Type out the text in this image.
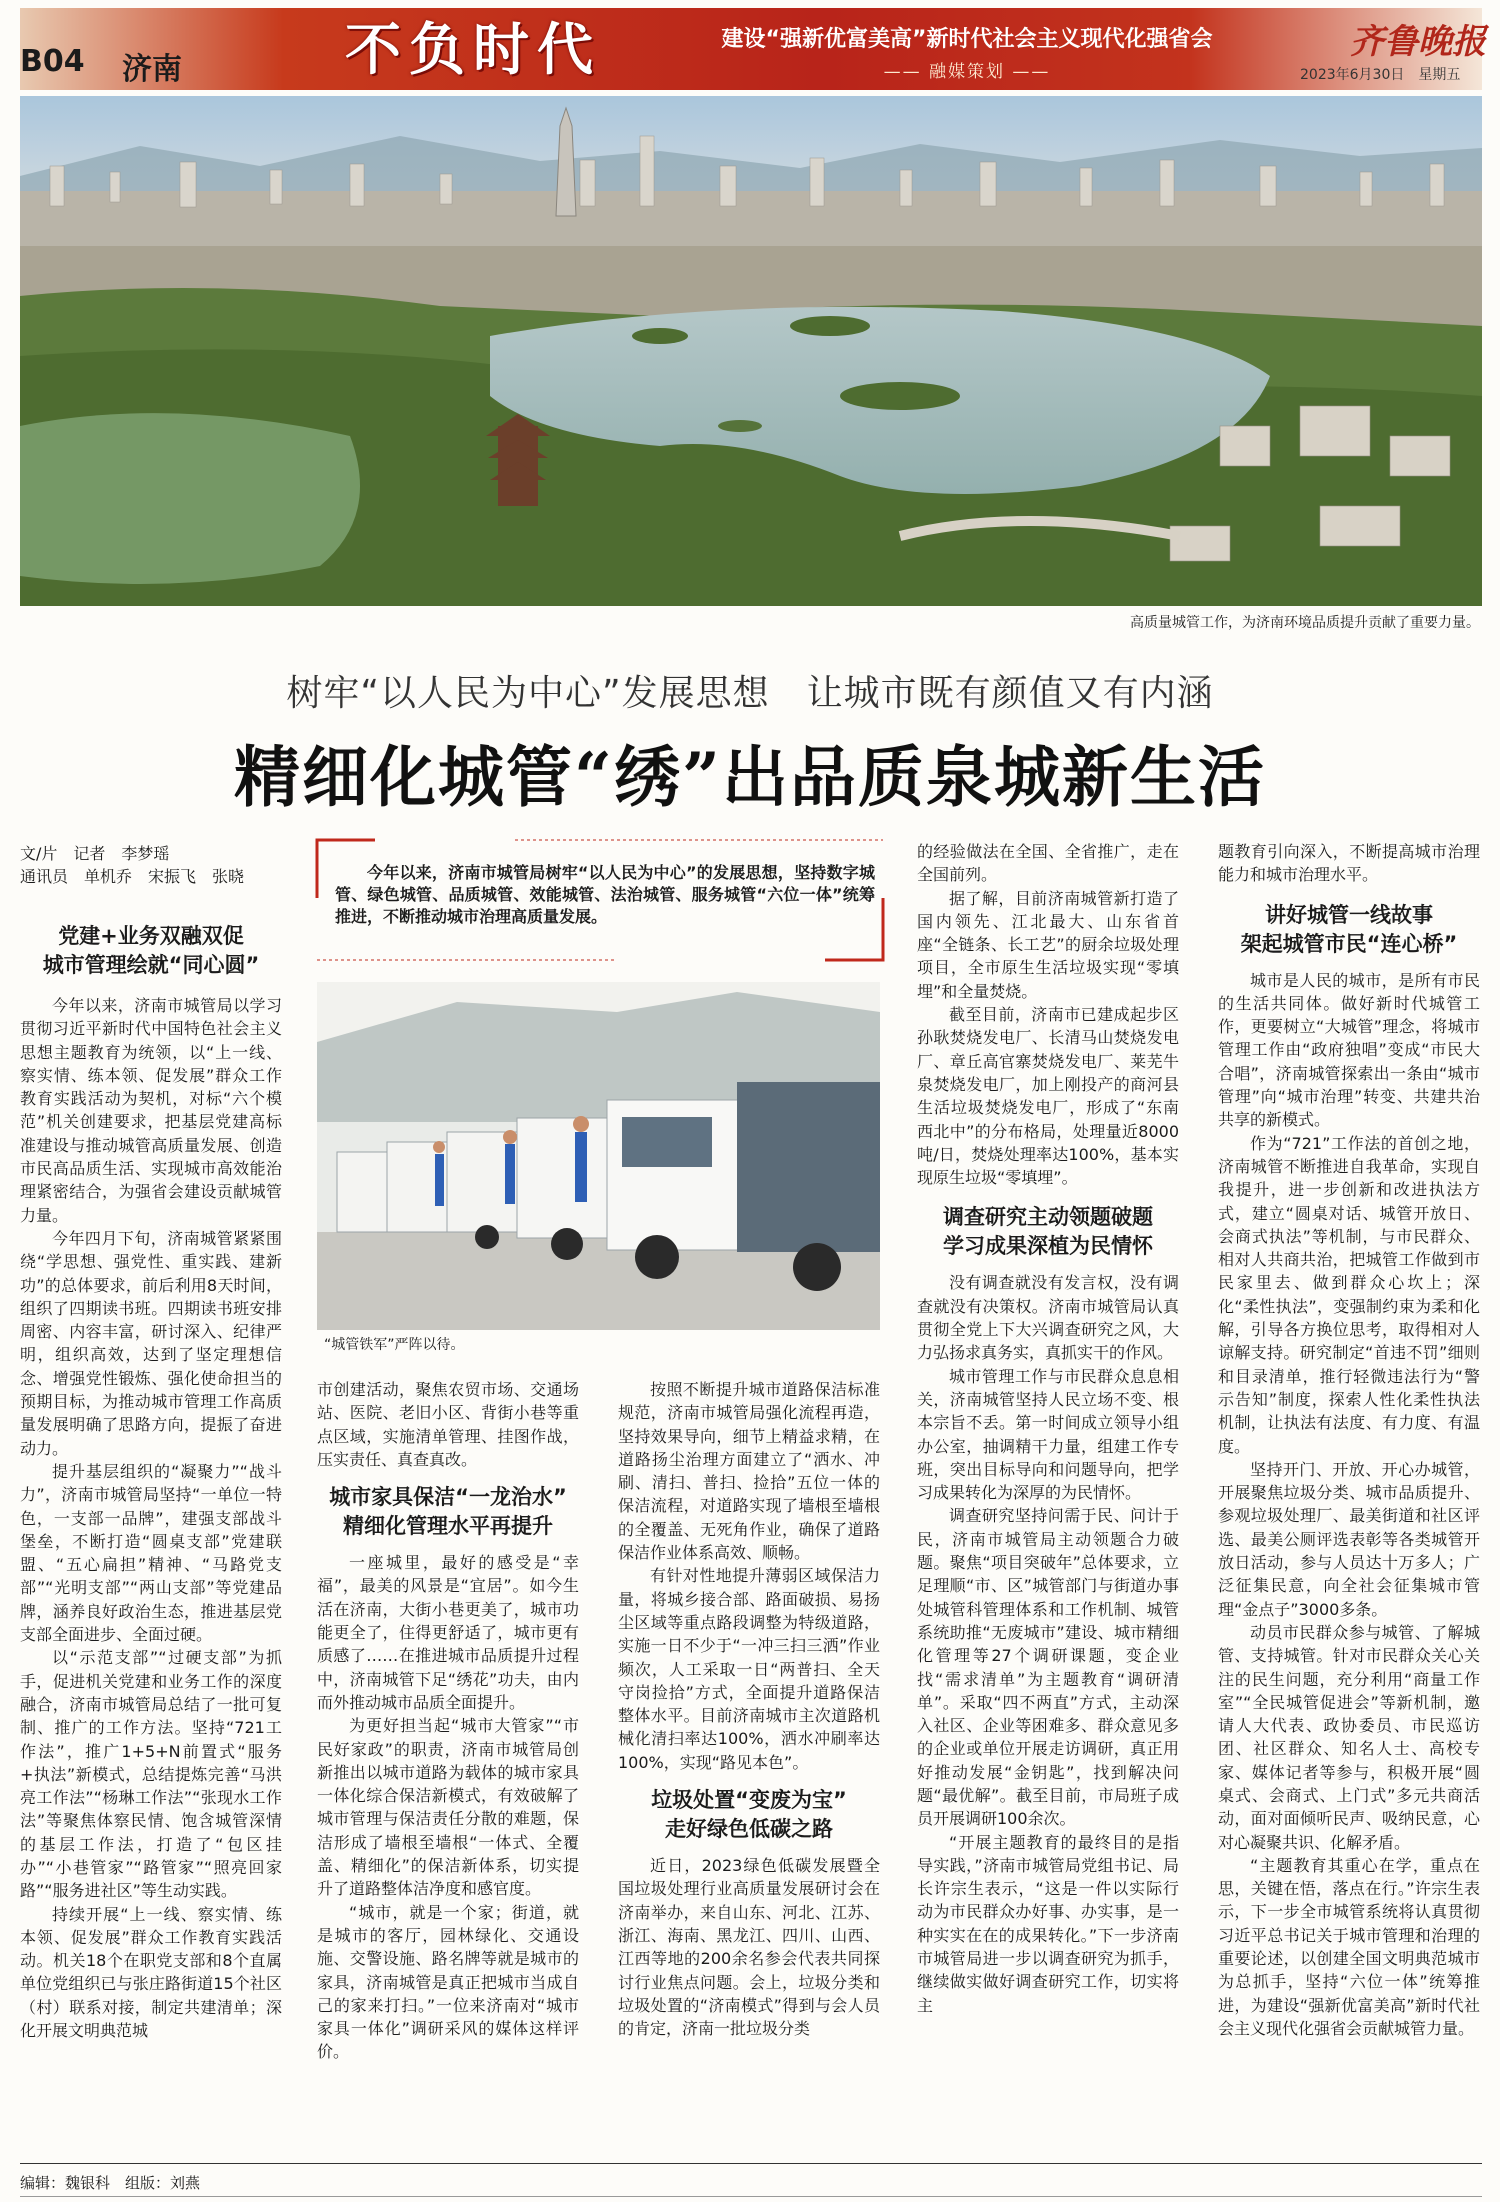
B04 济南	不负时代	建设“强新优富美高”新时代社会主义现代化强省会
—— 融媒策划 ——
齐鲁晚报
2023年6月30日　星期五
高质量城管工作，为济南环境品质提升贡献了重要力量。
树牢“以人民为中心”发展思想　让城市既有颜值又有内涵
精细化城管“绣”出品质泉城新生活
文/片　记者　李梦瑶
通讯员　单机乔　宋振飞　张晓	今年以来，济南市城管局树牢“以人民为中心”的发展思想，坚持数字城管、绿色城管、品质城管、效能城管、法治城管、服务城管“六位一体”统筹推进，不断推动城市治理高质量发展。
“城管铁军”严阵以待。
党建+业务双融双促
城市管理绘就“同心圆”

今年以来，济南市城管局以学习贯彻习近平新时代中国特色社会主义思想主题教育为统领，以“上一线、察实情、练本领、促发展”群众工作教育实践活动为契机，对标“六个模范”机关创建要求，把基层党建高标准建设与推动城管高质量发展、创造市民高品质生活、实现城市高效能治理紧密结合，为强省会建设贡献城管力量。

今年四月下旬，济南城管紧紧围绕“学思想、强党性、重实践、建新功”的总体要求，前后利用8天时间，组织了四期读书班。四期读书班安排周密、内容丰富，研讨深入、纪律严明，组织高效，达到了坚定理想信念、增强党性锻炼、强化使命担当的预期目标，为推动城市管理工作高质量发展明确了思路方向，提振了奋进动力。

提升基层组织的“凝聚力”“战斗力”，济南市城管局坚持“一单位一特色，一支部一品牌”，建强支部战斗堡垒，不断打造“圆桌支部”党建联盟、“五心扁担”精神、“马路党支部”“光明支部”“两山支部”等党建品牌，涵养良好政治生态，推进基层党支部全面进步、全面过硬。

以“示范支部”“过硬支部”为抓手，促进机关党建和业务工作的深度融合，济南市城管局总结了一批可复制、推广的工作方法。坚持“721工作法”，推广1+5+N前置式“服务+执法”新模式，总结提炼完善“马洪亮工作法”“杨琳工作法”“张现水工作法”等聚焦体察民情、饱含城管深情的基层工作法，打造了“包区挂办”“小巷管家”“路管家”“照亮回家路”“服务进社区”等生动实践。

持续开展“上一线、察实情、练本领、促发展”群众工作教育实践活动。机关18个在职党支部和8个直属单位党组织已与张庄路街道15个社区（村）联系对接，制定共建清单；深化开展文明典范城

市创建活动，聚焦农贸市场、交通场站、医院、老旧小区、背街小巷等重点区域，实施清单管理、挂图作战，压实责任、真查真改。

城市家具保洁“一龙治水”
精细化管理水平再提升

一座城里，最好的感受是“幸福”，最美的风景是“宜居”。如今生活在济南，大街小巷更美了，城市功能更全了，住得更舒适了，城市更有质感了……在推进城市品质提升过程中，济南城管下足“绣花”功夫，由内而外推动城市品质全面提升。

为更好担当起“城市大管家”“市民好家政”的职责，济南市城管局创新推出以城市道路为载体的城市家具一体化综合保洁新模式，有效破解了城市管理与保洁责任分散的难题，保洁形成了墙根至墙根“一体式、全覆盖、精细化”的保洁新体系，切实提升了道路整体洁净度和感官度。

“城市，就是一个家；街道，就是城市的客厅，园林绿化、交通设施、交警设施、路名牌等就是城市的家具，济南城管是真正把城市当成自己的家来打扫。”一位来济南对“城市家具一体化”调研采风的媒体这样评价。

按照不断提升城市道路保洁标准规范，济南市城管局强化流程再造，坚持效果导向，细节上精益求精，在道路扬尘治理方面建立了“洒水、冲刷、清扫、普扫、捡拾”五位一体的保洁流程，对道路实现了墙根至墙根的全覆盖、无死角作业，确保了道路保洁作业体系高效、顺畅。

有针对性地提升薄弱区域保洁力量，将城乡接合部、路面破损、易扬尘区域等重点路段调整为特级道路，实施一日不少于“一冲三扫三洒”作业频次，人工采取一日“两普扫、全天守岗捡拾”方式，全面提升道路保洁整体水平。目前济南城市主次道路机械化清扫率达100%，洒水冲刷率达100%，实现“路见本色”。

垃圾处置“变废为宝”
走好绿色低碳之路

近日，2023绿色低碳发展暨全国垃圾处理行业高质量发展研讨会在济南举办，来自山东、河北、江苏、浙江、海南、黑龙江、四川、山西、江西等地的200余名参会代表共同探讨行业焦点问题。会上，垃圾分类和垃圾处置的“济南模式”得到与会人员的肯定，济南一批垃圾分类

的经验做法在全国、全省推广，走在全国前列。

据了解，目前济南城管新打造了国内领先、江北最大、山东省首座“全链条、长工艺”的厨余垃圾处理项目，全市原生生活垃圾实现“零填埋”和全量焚烧。

截至目前，济南市已建成起步区孙耿焚烧发电厂、长清马山焚烧发电厂、章丘高官寨焚烧发电厂、莱芜牛泉焚烧发电厂，加上刚投产的商河县生活垃圾焚烧发电厂，形成了“东南西北中”的分布格局，处理量近8000吨/日，焚烧处理率达100%，基本实现原生垃圾“零填埋”。

调查研究主动领题破题
学习成果深植为民情怀

没有调查就没有发言权，没有调查就没有决策权。济南市城管局认真贯彻全党上下大兴调查研究之风，大力弘扬求真务实，真抓实干的作风。

城市管理工作与市民群众息息相关，济南城管坚持人民立场不变、根本宗旨不丢。第一时间成立领导小组办公室，抽调精干力量，组建工作专班，突出目标导向和问题导向，把学习成果转化为深厚的为民情怀。

调查研究坚持问需于民、问计于民，济南市城管局主动领题合力破题。聚焦“项目突破年”总体要求，立足理顺“市、区”城管部门与街道办事处城管科管理体系和工作机制、城管系统助推“无废城市”建设、城市精细化管理等27个调研课题，变企业找“需求清单”为主题教育“调研清单”。采取“四不两直”方式，主动深入社区、企业等困难多、群众意见多的企业或单位开展走访调研，真正用好推动发展“金钥匙”，找到解决问题“最优解”。截至目前，市局班子成员开展调研100余次。

“开展主题教育的最终目的是指导实践，”济南市城管局党组书记、局长许宗生表示，“这是一件以实际行动为市民群众办好事、办实事，是一种实实在在的成果转化。”下一步济南市城管局进一步以调查研究为抓手，继续做实做好调查研究工作，切实将主

题教育引向深入，不断提高城市治理能力和城市治理水平。

讲好城管一线故事
架起城管市民“连心桥”

城市是人民的城市，是所有市民的生活共同体。做好新时代城管工作，更要树立“大城管”理念，将城市管理工作由“政府独唱”变成“市民大合唱”，济南城管探索出一条由“城市管理”向“城市治理”转变、共建共治共享的新模式。

作为“721”工作法的首创之地，济南城管不断推进自我革命，实现自我提升，进一步创新和改进执法方式，建立“圆桌对话、城管开放日、会商式执法”等机制，与市民群众、相对人共商共治，把城管工作做到市民家里去、做到群众心坎上；深化“柔性执法”，变强制约束为柔和化解，引导各方换位思考，取得相对人谅解支持。研究制定“首违不罚”细则和目录清单，推行轻微违法行为“警示告知”制度，探索人性化柔性执法机制，让执法有法度、有力度、有温度。

坚持开门、开放、开心办城管，开展聚焦垃圾分类、城市品质提升、参观垃圾处理厂、最美街道和社区评选、最美公厕评选表彰等各类城管开放日活动，参与人员达十万多人；广泛征集民意，向全社会征集城市管理“金点子”3000多条。

动员市民群众参与城管、了解城管、支持城管。针对市民群众关心关注的民生问题，充分利用“商量工作室”“全民城管促进会”等新机制，邀请人大代表、政协委员、市民巡访团、社区群众、知名人士、高校专家、媒体记者等参与，积极开展“圆桌式、会商式、上门式”多元共商活动，面对面倾听民声、吸纳民意，心对心凝聚共识、化解矛盾。

“主题教育其重心在学，重点在思，关键在悟，落点在行。”许宗生表示，下一步全市城管系统将认真贯彻习近平总书记关于城市管理和治理的重要论述，以创建全国文明典范城市为总抓手，坚持“六位一体”统筹推进，为建设“强新优富美高”新时代社会主义现代化强省会贡献城管力量。

编辑：魏银科　组版：刘燕
